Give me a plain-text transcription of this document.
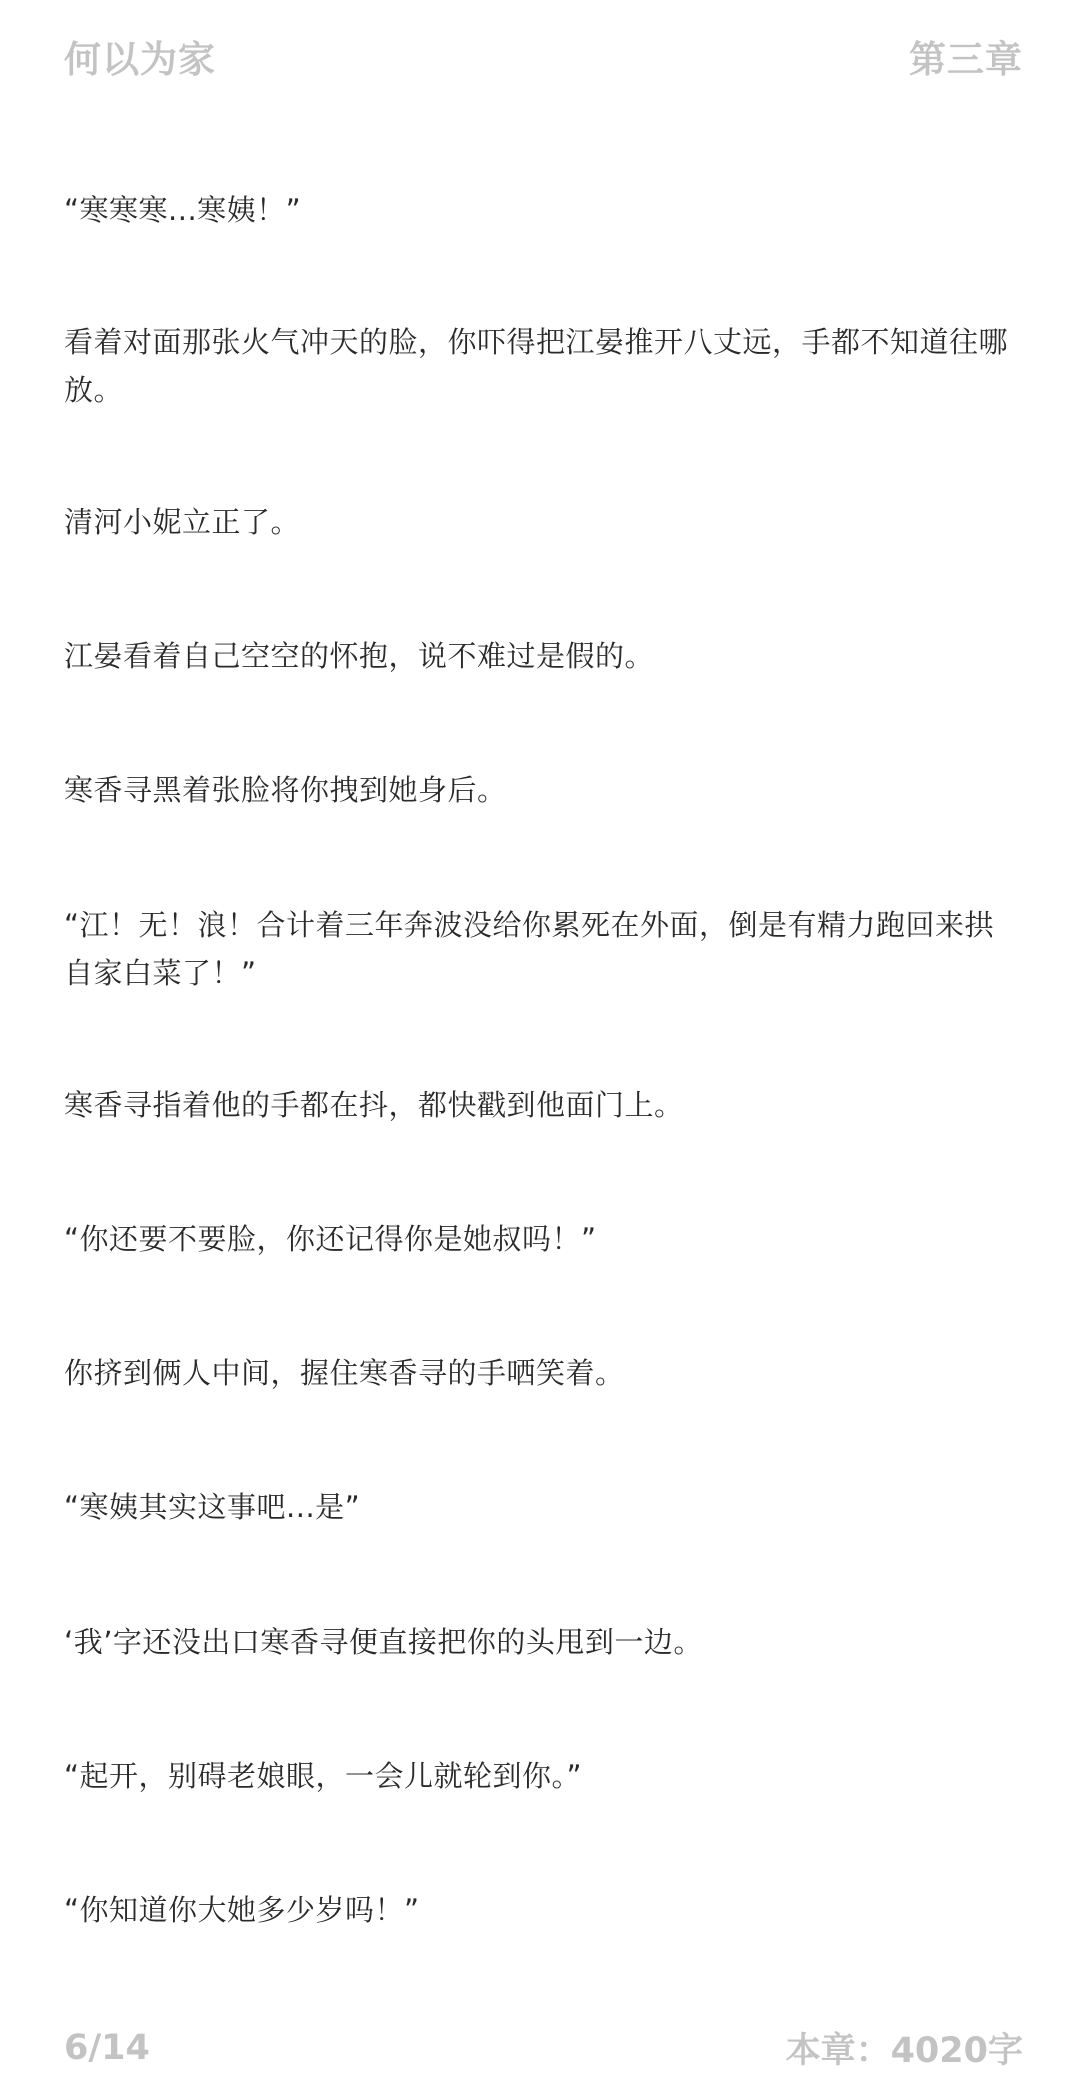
何以为家	第三章
“寒寒寒...寒姨！”
看着对面那张火气冲天的脸，你吓得把江晏推开八丈远，手都不知道往哪放。
清河小妮立正了。
江晏看着自己空空的怀抱，说不难过是假的。
寒香寻黑着张脸将你拽到她身后。
“江！无！浪！合计着三年奔波没给你累死在外面，倒是有精力跑回来拱自家白菜了！”
寒香寻指着他的手都在抖，都快戳到他面门上。
“你还要不要脸，你还记得你是她叔吗！”
你挤到俩人中间，握住寒香寻的手哂笑着。
“寒姨其实这事吧...是”
‘我’字还没出口寒香寻便直接把你的头甩到一边。
“起开，别碍老娘眼，一会儿就轮到你。”
“你知道你大她多少岁吗！”
6/14	本章：4020字
